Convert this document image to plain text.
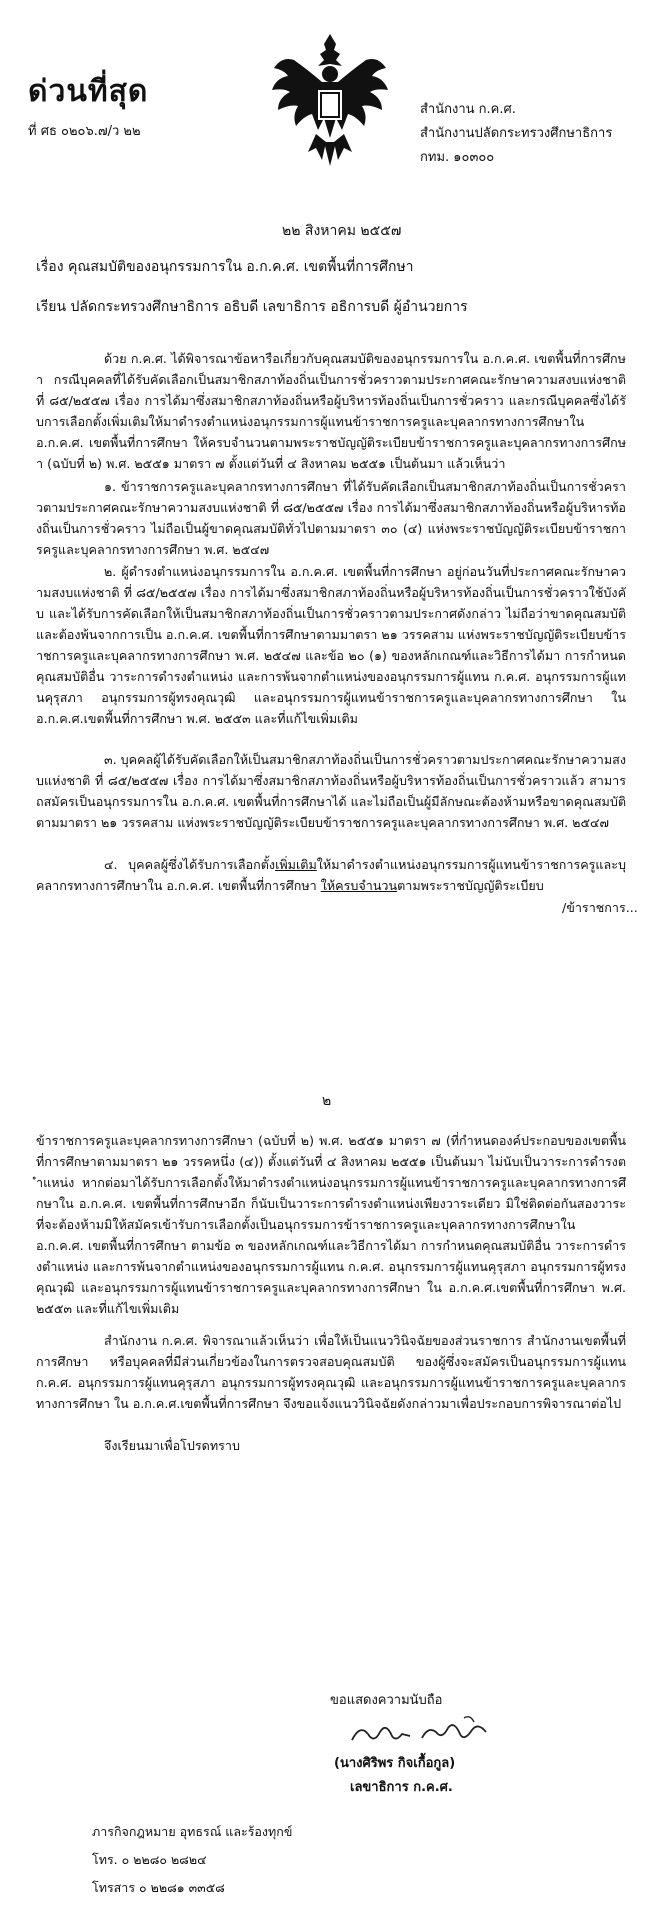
ด่วนที่สุด
ที่ ศธ ๐๒๐๖.๗/ว ๒๒
สำนักงาน ก.ค.ศ.
สำนักงานปลัดกระทรวงศึกษาธิการ
กทม. ๑๐๓๐๐
๒๒ สิงหาคม ๒๕๕๗
เรื่อง คุณสมบัติของอนุกรรมการใน อ.ก.ค.ศ. เขตพื้นที่การศึกษา
เรียน ปลัดกระทรวงศึกษาธิการ อธิบดี เลขาธิการ อธิการบดี ผู้อำนวยการ

ด้วย ก.ค.ศ. ได้พิจารณาข้อหารือเกี่ยวกับคุณสมบัติของอนุกรรมการใน อ.ก.ค.ศ. เขตพื้นที่การศึกษา กรณีบุคคลที่ได้รับคัดเลือกเป็นสมาชิกสภาท้องถิ่นเป็นการชั่วคราวตามประกาศคณะรักษาความสงบแห่งชาติ ที่ ๘๕/๒๕๕๗ เรื่อง การได้มาซึ่งสมาชิกสภาท้องถิ่นหรือผู้บริหารท้องถิ่นเป็นการชั่วคราว และกรณีบุคคลซึ่งได้รับการเลือกตั้งเพิ่มเติมให้มาดำรงตำแหน่งอนุกรรมการผู้แทนข้าราชการครูและบุคลากรทางการศึกษาใน อ.ก.ค.ศ. เขตพื้นที่การศึกษา ให้ครบจำนวนตามพระราชบัญญัติระเบียบข้าราชการครูและบุคลากรทางการศึกษา (ฉบับที่ ๒) พ.ศ. ๒๕๕๑ มาตรา ๗ ตั้งแต่วันที่ ๔ สิงหาคม ๒๕๕๑ เป็นต้นมา แล้วเห็นว่า

๑. ข้าราชการครูและบุคลากรทางการศึกษา ที่ได้รับคัดเลือกเป็นสมาชิกสภาท้องถิ่นเป็นการชั่วคราวตามประกาศคณะรักษาความสงบแห่งชาติ ที่ ๘๕/๒๕๕๗ เรื่อง การได้มาซึ่งสมาชิกสภาท้องถิ่นหรือผู้บริหารท้องถิ่นเป็นการชั่วคราว ไม่ถือเป็นผู้ขาดคุณสมบัติทั่วไปตามมาตรา ๓๐ (๔) แห่งพระราชบัญญัติระเบียบข้าราชการครูและบุคลากรทางการศึกษา พ.ศ. ๒๕๔๗

๒. ผู้ดำรงตำแหน่งอนุกรรมการใน อ.ก.ค.ศ. เขตพื้นที่การศึกษา อยู่ก่อนวันที่ประกาศคณะรักษาความสงบแห่งชาติ ที่ ๘๕/๒๕๕๗ เรื่อง การได้มาซึ่งสมาชิกสภาท้องถิ่นหรือผู้บริหารท้องถิ่นเป็นการชั่วคราวใช้บังคับ และได้รับการคัดเลือกให้เป็นสมาชิกสภาท้องถิ่นเป็นการชั่วคราวตามประกาศดังกล่าว ไม่ถือว่าขาดคุณสมบัติและต้องพ้นจากการเป็น อ.ก.ค.ศ. เขตพื้นที่การศึกษาตามมาตรา ๒๑ วรรคสาม แห่งพระราชบัญญัติระเบียบข้าราชการครูและบุคลากรทางการศึกษา พ.ศ. ๒๕๔๗ และข้อ ๒๐ (๑) ของหลักเกณฑ์และวิธีการได้มา การกำหนดคุณสมบัติอื่น วาระการดำรงตำแหน่ง และการพ้นจากตำแหน่งของอนุกรรมการผู้แทน ก.ค.ศ. อนุกรรมการผู้แทนคุรุสภา อนุกรรมการผู้ทรงคุณวุฒิ และอนุกรรมการผู้แทนข้าราชการครูและบุคลากรทางการศึกษา ใน อ.ก.ค.ศ.เขตพื้นที่การศึกษา พ.ศ. ๒๕๕๓ และที่แก้ไขเพิ่มเติม

๓. บุคคลผู้ได้รับคัดเลือกให้เป็นสมาชิกสภาท้องถิ่นเป็นการชั่วคราวตามประกาศคณะรักษาความสงบแห่งชาติ ที่ ๘๕/๒๕๕๗ เรื่อง การได้มาซึ่งสมาชิกสภาท้องถิ่นหรือผู้บริหารท้องถิ่นเป็นการชั่วคราวแล้ว สามารถสมัครเป็นอนุกรรมการใน อ.ก.ค.ศ. เขตพื้นที่การศึกษาได้ และไม่ถือเป็นผู้มีลักษณะต้องห้ามหรือขาดคุณสมบัติตามมาตรา ๒๑ วรรคสาม แห่งพระราชบัญญัติระเบียบข้าราชการครูและบุคลากรทางการศึกษา พ.ศ. ๒๕๔๗

๔. บุคคลผู้ซึ่งได้รับการเลือกตั้งเพิ่มเติมให้มาดำรงตำแหน่งอนุกรรมการผู้แทนข้าราชการครูและบุคลากรทางการศึกษาใน อ.ก.ค.ศ. เขตพื้นที่การศึกษา ให้ครบจำนวนตามพระราชบัญญัติระเบียบ

/ข้าราชการ...
๒

ข้าราชการครูและบุคลากรทางการศึกษา (ฉบับที่ ๒) พ.ศ. ๒๕๕๑ มาตรา ๗ (ที่กำหนดองค์ประกอบของเขตพื้นที่การศึกษาตามมาตรา ๒๑ วรรคหนึ่ง (๔)) ตั้งแต่วันที่ ๔ สิงหาคม ๒๕๕๑ เป็นต้นมา ไม่นับเป็นวาระการดำรงตำแหน่ง หากต่อมาได้รับการเลือกตั้งให้มาดำรงตำแหน่งอนุกรรมการผู้แทนข้าราชการครูและบุคลากรทางการศึกษาใน อ.ก.ค.ศ. เขตพื้นที่การศึกษาอีก ก็นับเป็นวาระการดำรงตำแหน่งเพียงวาระเดียว มิใช่ติดต่อกันสองวาระที่จะต้องห้ามมิให้สมัครเข้ารับการเลือกตั้งเป็นอนุกรรมการข้าราชการครูและบุคลากรทางการศึกษาใน อ.ก.ค.ศ. เขตพื้นที่การศึกษา ตามข้อ ๓ ของหลักเกณฑ์และวิธีการได้มา การกำหนดคุณสมบัติอื่น วาระการดำรงตำแหน่ง และการพ้นจากตำแหน่งของอนุกรรมการผู้แทน ก.ค.ศ. อนุกรรมการผู้แทนคุรุสภา อนุกรรมการผู้ทรงคุณวุฒิ และอนุกรรมการผู้แทนข้าราชการครูและบุคลากรทางการศึกษา ใน อ.ก.ค.ศ.เขตพื้นที่การศึกษา พ.ศ. ๒๕๕๓ และที่แก้ไขเพิ่มเติม

สำนักงาน ก.ค.ศ. พิจารณาแล้วเห็นว่า เพื่อให้เป็นแนววินิจฉัยของส่วนราชการ สำนักงานเขตพื้นที่การศึกษา หรือบุคคลที่มีส่วนเกี่ยวข้องในการตรวจสอบคุณสมบัติ ของผู้ซึ่งจะสมัครเป็นอนุกรรมการผู้แทน ก.ค.ศ. อนุกรรมการผู้แทนคุรุสภา อนุกรรมการผู้ทรงคุณวุฒิ และอนุกรรมการผู้แทนข้าราชการครูและบุคลากรทางการศึกษา ใน อ.ก.ค.ศ.เขตพื้นที่การศึกษา จึงขอแจ้งแนววินิจฉัยดังกล่าวมาเพื่อประกอบการพิจารณาต่อไป

จึงเรียนมาเพื่อโปรดทราบ

ขอแสดงความนับถือ
(นางศิริพร กิจเกื้อกูล)
เลขาธิการ ก.ค.ศ.
ภารกิจกฎหมาย อุทธรณ์ และร้องทุกข์
โทร. ๐ ๒๒๘๐ ๒๘๒๔
โทรสาร ๐ ๒๒๘๑ ๓๓๕๘
